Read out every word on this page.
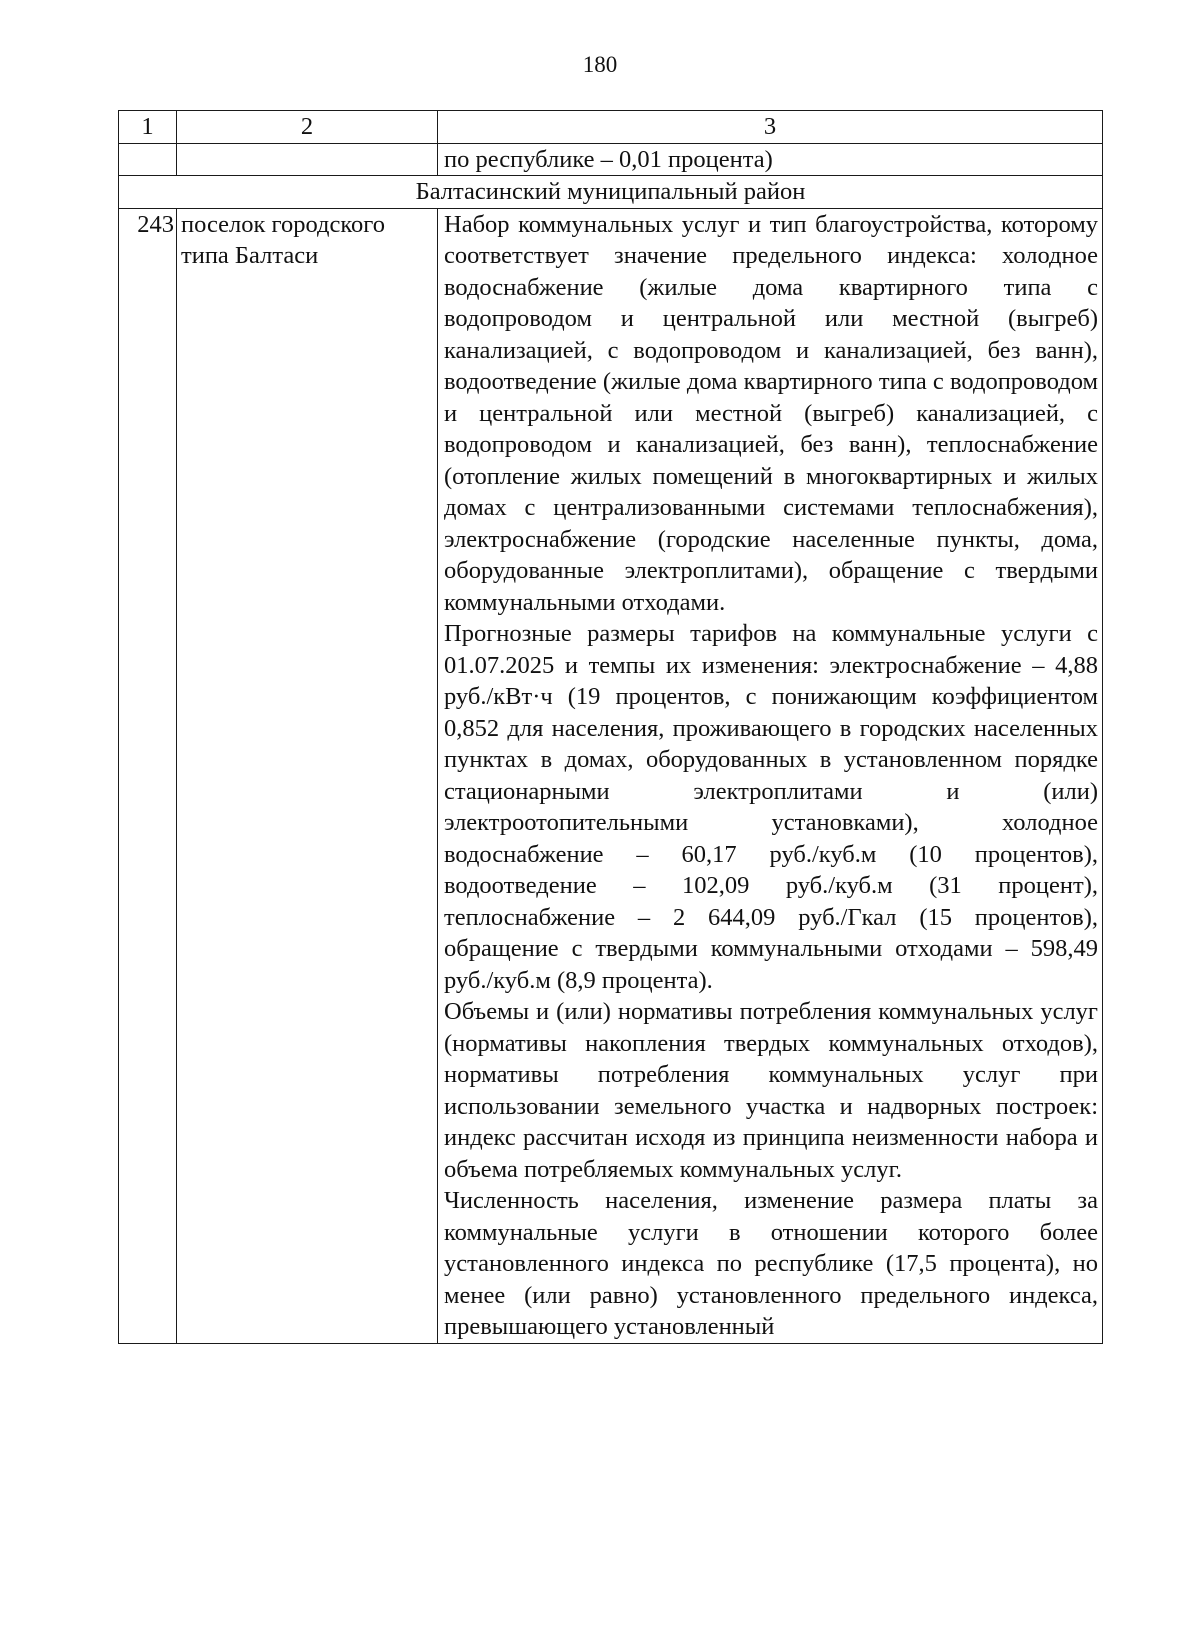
180
1	2	3
		по республике – 0,01 процента)
Балтасинский муниципальный район		
243	поселок городского типа Балтаси	Набор коммунальных услуг и тип благоустройства, которому соответствует значение предельного индекса: холодное водоснабжение (жилые дома квартирного типа с водопроводом и центральной или местной (выгреб) канализацией, с водопроводом и канализацией, без ванн), водоотведение (жилые дома квартирного типа с водопроводом и центральной или местной (выгреб) канализацией, с водопроводом и канализацией, без ванн), теплоснабжение (отопление жилых помещений в многоквартирных и жилых домах с централизованными системами теплоснабжения), электроснабжение (городские населенные пункты, дома, оборудованные электроплитами), обращение с твердыми коммунальными отходами.

Прогнозные размеры тарифов на коммунальные услуги с 01.07.2025 и темпы их изменения: электроснабжение – 4,88 руб./кВт·ч (19 процентов, с понижающим коэффициентом 0,852 для населения, проживающего в городских населенных пунктах в домах, оборудованных в установленном порядке стационарными электроплитами и (или) электроотопительными установками), холодное водоснабжение – 60,17 руб./куб.м (10 процентов), водоотведение – 102,09 руб./куб.м (31 процент), теплоснабжение – 2 644,09 руб./Гкал (15 процентов), обращение с твердыми коммунальными отходами – 598,49 руб./куб.м (8,9 процента).

Объемы и (или) нормативы потребления коммунальных услуг (нормативы накопления твердых коммунальных отходов), нормативы потребления коммунальных услуг при использовании земельного участка и надворных построек: индекс рассчитан исходя из принципа неизменности набора и объема потребляемых коммунальных услуг.

Численность населения, изменение размера платы за коммунальные услуги в отношении которого более установленного индекса по республике (17,5 процента), но менее (или равно) установленного предельного индекса, превышающего установленный
